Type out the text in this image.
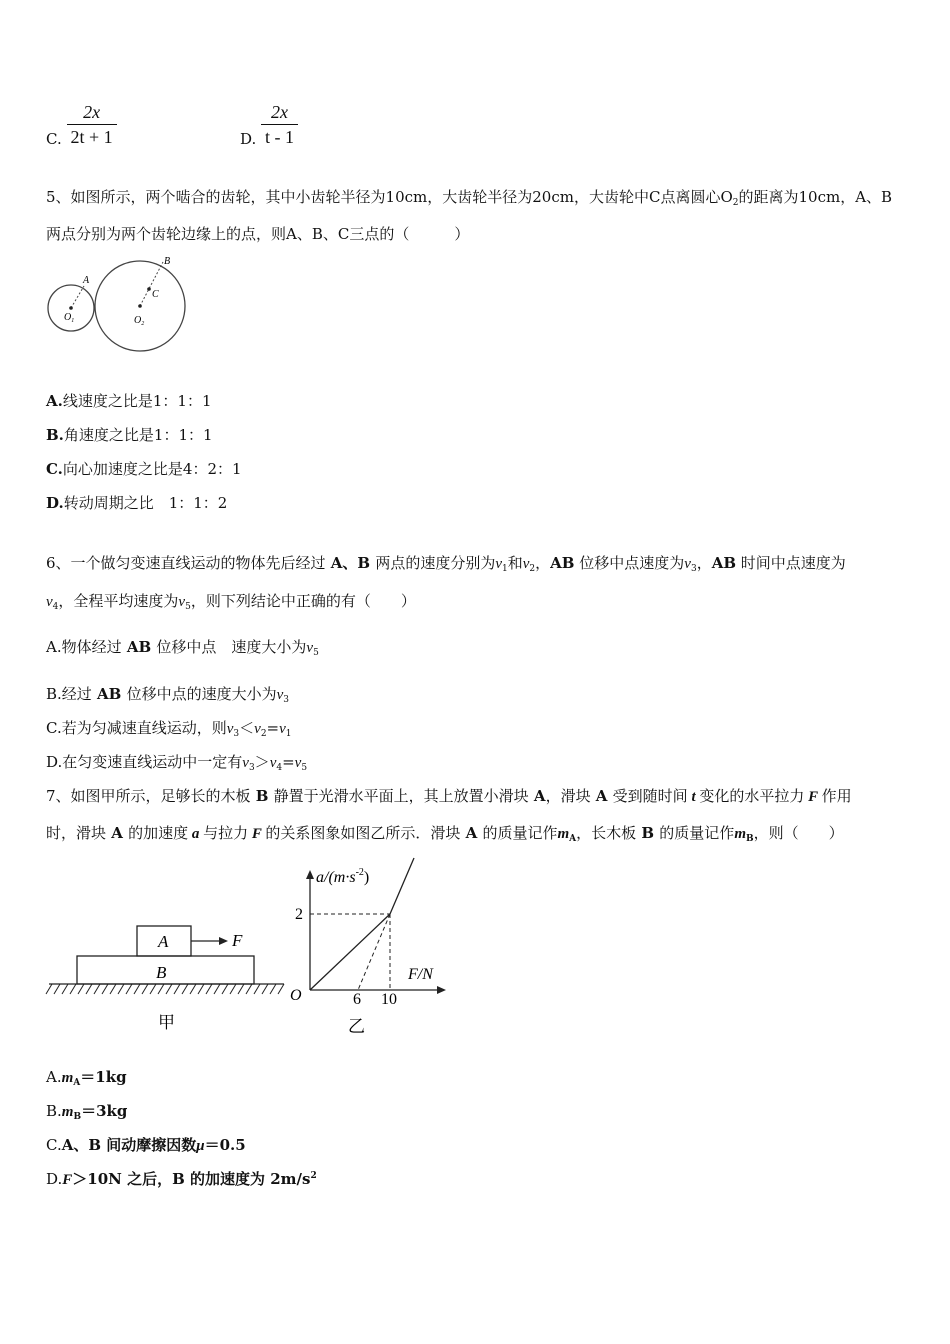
C. $\frac{2x}{2t + 1}$	D. $\frac{2x}{t - 1}$
5、如图所示，两个啮合的齿轮，其中小齿轮半径为10cm，大齿轮半径为20cm，大齿轮中C点离圆心$O_2$的距离为10cm，A、B
两点分别为两个齿轮边缘上的点，则A、B、C三点的（　　　）
A
B
C
$O_1$	$O_2$
A.线速度之比是1：1：1
B.角速度之比是1：1：1
C.向心加速度之比是4：2：1
D.转动周期之比　1：1：2
6、一个做匀变速直线运动的物体先后经过 A、B 两点的速度分别为$v_1$和$v_2$，AB 位移中点速度为$v_3$，AB 时间中点速度为
$v_4$，全程平均速度为$v_5$，则下列结论中正确的有（　　）
A.物体经过 AB 位移中点　速度大小为$v_5$
B.经过 AB 位移中点的速度大小为$v_3$
C.若为匀减速直线运动，则$v_3<v_2=v_1$
D.在匀变速直线运动中一定有$v_3>v_4=v_5$
7、如图甲所示，足够长的木板 B 静置于光滑水平面上，其上放置小滑块 A，滑块 A 受到随时间 t 变化的水平拉力 F 作用
时，滑块 A 的加速度 a 与拉力 F 的关系图象如图乙所示．滑块 A 的质量记作$m_A$，长木板 B 的质量记作$m_B$，则（　　）
A	F
B
甲
$a/(m\cdot s^{-2})$
F/N
O
2
6 10
乙
$A.m_A=1kg$
$B.m_B=3kg$
C.A、B 间动摩擦因数μ＝0.5
D.F＞10N 之后，B 的加速度为 $2m/s^2$
